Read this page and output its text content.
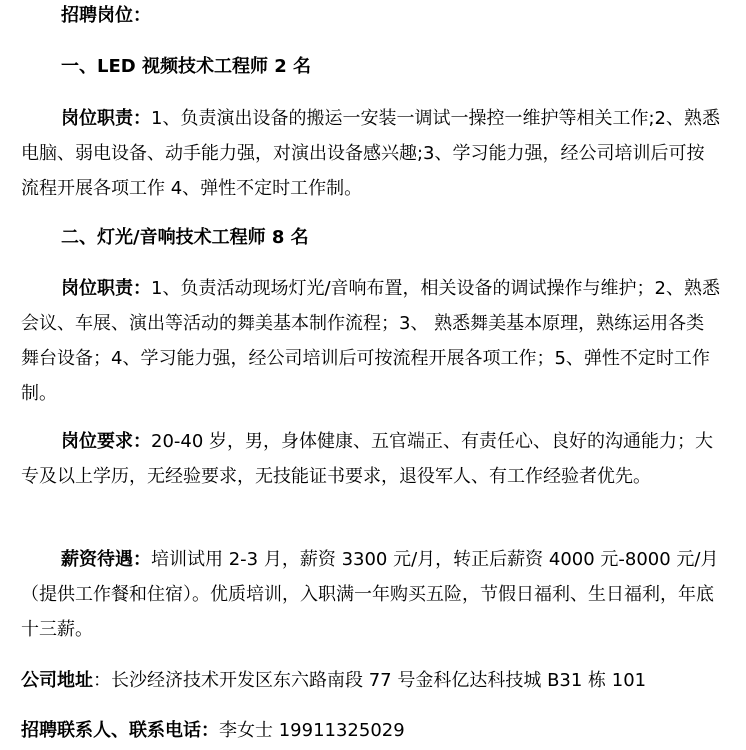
招聘岗位：
一、LED 视频技术工程师 2 名
岗位职责：1、负责演出设备的搬运一安装一调试一操控一维护等相关工作;2、熟悉电脑、弱电设备、动手能力强，对演出设备感兴趣;3、学习能力强，经公司培训后可按流程开展各项工作 4、弹性不定时工作制。
二、灯光/音响技术工程师 8 名
岗位职责：1、负责活动现场灯光/音响布置，相关设备的调试操作与维护；2、熟悉会议、车展、演出等活动的舞美基本制作流程；3、 熟悉舞美基本原理，熟练运用各类舞台设备；4、学习能力强，经公司培训后可按流程开展各项工作；5、弹性不定时工作制。
岗位要求：20-40 岁，男，身体健康、五官端正、有责任心、良好的沟通能力；大专及以上学历，无经验要求，无技能证书要求，退役军人、有工作经验者优先。
薪资待遇：培训试用 2-3 月，薪资 3300 元/月，转正后薪资 4000 元-8000 元/月（提供工作餐和住宿）。优质培训，入职满一年购买五险，节假日福利、生日福利，年底十三薪。
公司地址：长沙经济技术开发区东六路南段 77 号金科亿达科技城 B31 栋 101
招聘联系人、联系电话：李女士 19911325029
